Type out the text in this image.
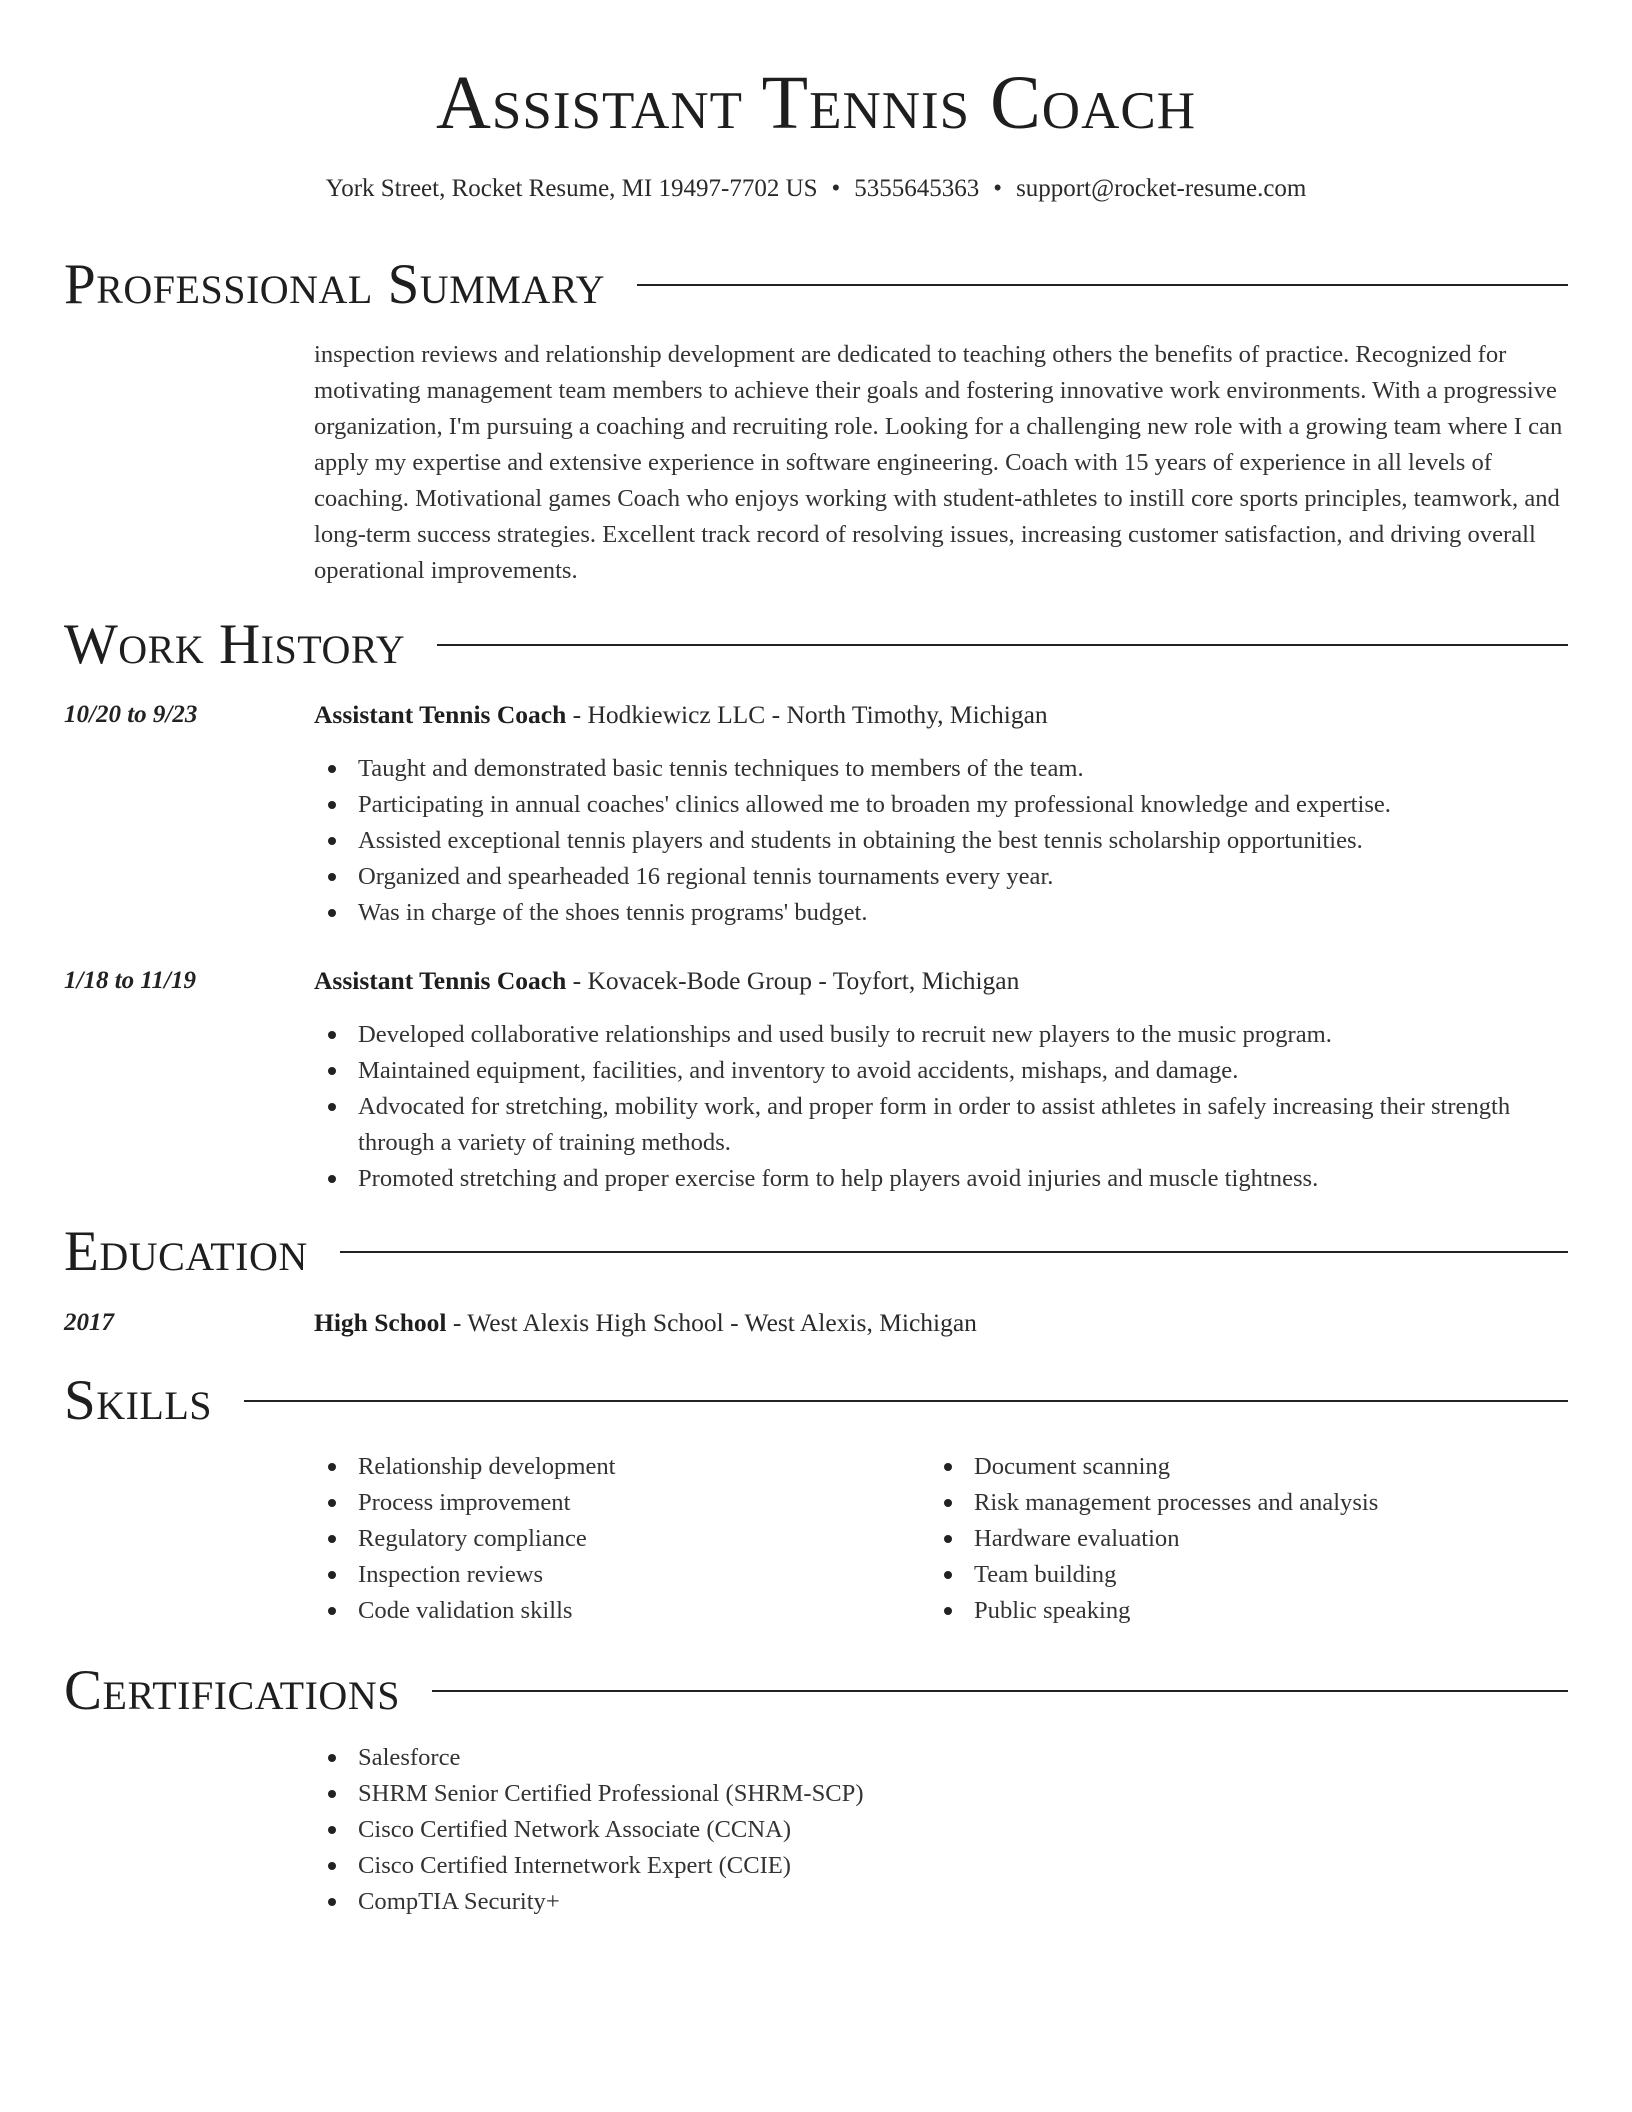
Assistant Tennis Coach
York Street, Rocket Resume, MI 19497-7702 US • 5355645363 • support@rocket-resume.com
Professional Summary
inspection reviews and relationship development are dedicated to teaching others the benefits of practice. Recognized for motivating management team members to achieve their goals and fostering innovative work environments. With a progressive organization, I'm pursuing a coaching and recruiting role. Looking for a challenging new role with a growing team where I can apply my expertise and extensive experience in software engineering. Coach with 15 years of experience in all levels of coaching. Motivational games Coach who enjoys working with student-athletes to instill core sports principles, teamwork, and long-term success strategies. Excellent track record of resolving issues, increasing customer satisfaction, and driving overall operational improvements.
Work History
10/20 to 9/23	Assistant Tennis Coach - Hodkiewicz LLC - North Timothy, Michigan
Taught and demonstrated basic tennis techniques to members of the team.
Participating in annual coaches' clinics allowed me to broaden my professional knowledge and expertise.
Assisted exceptional tennis players and students in obtaining the best tennis scholarship opportunities.
Organized and spearheaded 16 regional tennis tournaments every year.
Was in charge of the shoes tennis programs' budget.
1/18 to 11/19	Assistant Tennis Coach - Kovacek-Bode Group - Toyfort, Michigan
Developed collaborative relationships and used busily to recruit new players to the music program.
Maintained equipment, facilities, and inventory to avoid accidents, mishaps, and damage.
Advocated for stretching, mobility work, and proper form in order to assist athletes in safely increasing their strength through a variety of training methods.
Promoted stretching and proper exercise form to help players avoid injuries and muscle tightness.
Education
2017	High School - West Alexis High School - West Alexis, Michigan
Skills
Relationship development
Process improvement
Regulatory compliance
Inspection reviews
Code validation skills
Document scanning
Risk management processes and analysis
Hardware evaluation
Team building
Public speaking
Certifications
Salesforce
SHRM Senior Certified Professional (SHRM-SCP)
Cisco Certified Network Associate (CCNA)
Cisco Certified Internetwork Expert (CCIE)
CompTIA Security+
